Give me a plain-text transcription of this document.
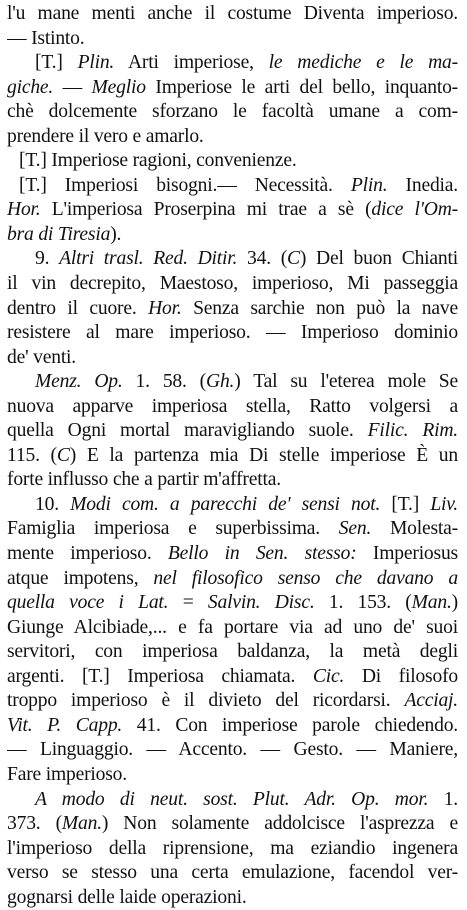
l'u mane menti anche il costume Diventa imperioso.
— Istinto.
[T.] Plin. Arti imperiose, le mediche e le ma-
giche. — Meglio Imperiose le arti del bello, inquanto-
chè dolcemente sforzano le facoltà umane a com-
prendere il vero e amarlo.
[T.] Imperiose ragioni, convenienze.
[T.] Imperiosi bisogni.— Necessità. Plin. Inedia.
Hor. L'imperiosa Proserpina mi trae a sè (dice l'Om-
bra di Tiresia).
9. Altri trasl. Red. Ditir. 34. (C) Del buon Chianti
il vin decrepito, Maestoso, imperioso, Mi passeggia
dentro il cuore. Hor. Senza sarchie non può la nave
resistere al mare imperioso. — Imperioso dominio
de' venti.
Menz. Op. 1. 58. (Gh.) Tal su l'eterea mole Se
nuova apparve imperiosa stella, Ratto volgersi a
quella Ogni mortal maravigliando suole. Filic. Rim.
115. (C) E la partenza mia Di stelle imperiose È un
forte influsso che a partir m'affretta.
10. Modi com. a parecchi de' sensi not. [T.] Liv.
Famiglia imperiosa e superbissima. Sen. Molesta-
mente imperioso. Bello in Sen. stesso: Imperiosus
atque impotens, nel filosofico senso che davano a
quella voce i Lat. = Salvin. Disc. 1. 153. (Man.)
Giunge Alcibiade,... e fa portare via ad uno de' suoi
servitori, con imperiosa baldanza, la metà degli
argenti. [T.] Imperiosa chiamata. Cic. Di filosofo
troppo imperioso è il divieto del ricordarsi. Acciaj.
Vit. P. Capp. 41. Con imperiose parole chiedendo.
— Linguaggio. — Accento. — Gesto. — Maniere,
Fare imperioso.
A modo di neut. sost. Plut. Adr. Op. mor. 1.
373. (Man.) Non solamente addolcisce l'asprezza e
l'imperioso della riprensione, ma eziandio ingenera
verso se stesso una certa emulazione, facendol ver-
gognarsi delle laide operazioni.
